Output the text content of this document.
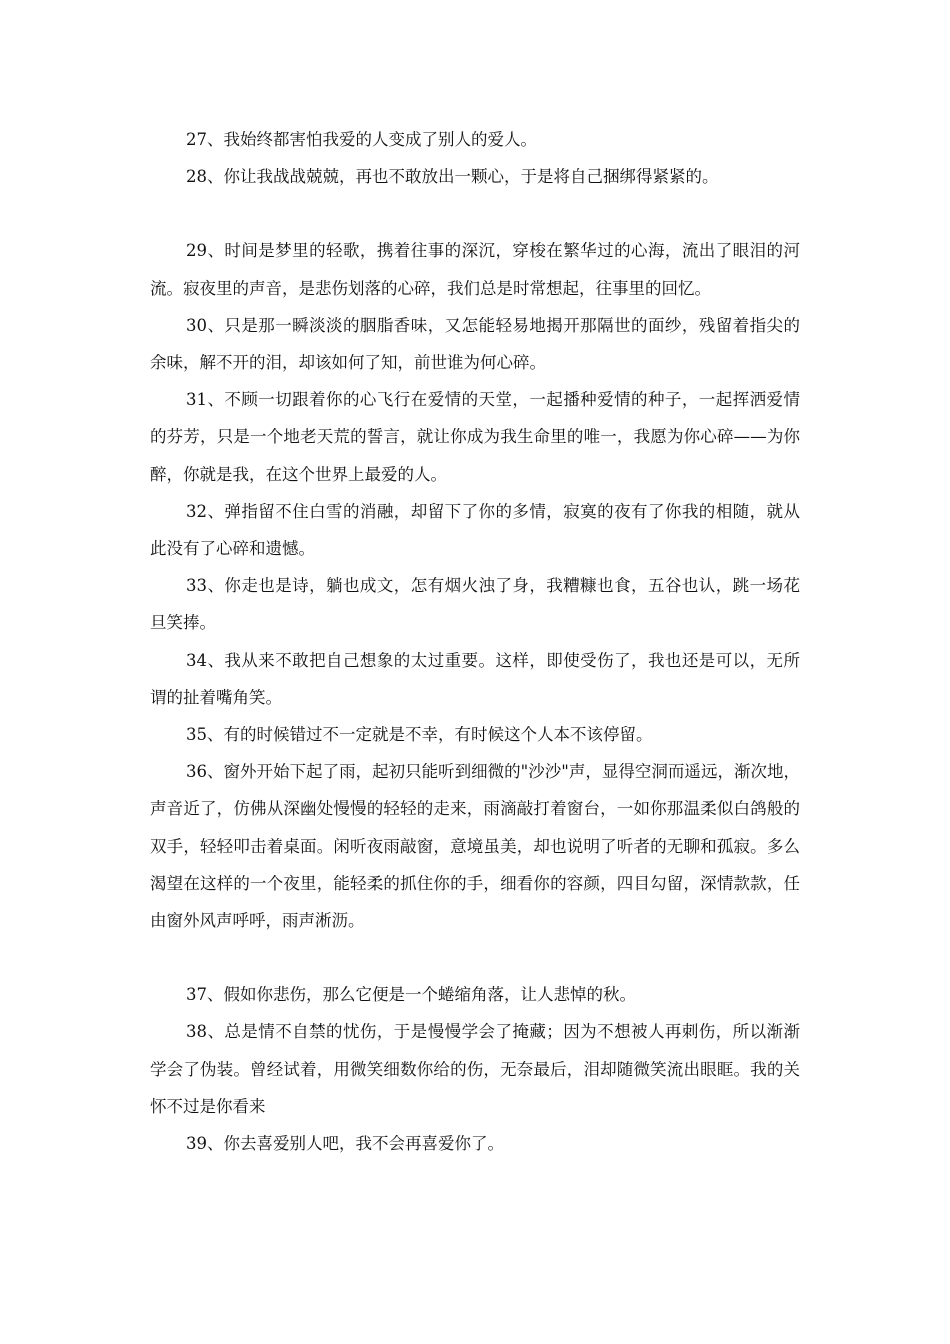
27、我始终都害怕我爱的人变成了别人的爱人。

28、你让我战战兢兢，再也不敢放出一颗心，于是将自己捆绑得紧紧的。

29、时间是梦里的轻歌，携着往事的深沉，穿梭在繁华过的心海，流出了眼泪的河流。寂夜里的声音，是悲伤划落的心碎，我们总是时常想起，往事里的回忆。

30、只是那一瞬淡淡的胭脂香味，又怎能轻易地揭开那隔世的面纱，残留着指尖的余味，解不开的泪，却该如何了知，前世谁为何心碎。

31、不顾一切跟着你的心飞行在爱情的天堂，一起播种爱情的种子，一起挥洒爱情的芬芳，只是一个地老天荒的誓言，就让你成为我生命里的唯一，我愿为你心碎——为你醉，你就是我，在这个世界上最爱的人。

32、弹指留不住白雪的消融，却留下了你的多情，寂寞的夜有了你我的相随，就从此没有了心碎和遗憾。

33、你走也是诗，躺也成文，怎有烟火浊了身，我糟糠也食，五谷也认，跳一场花旦笑捧。

34、我从来不敢把自己想象的太过重要。这样，即使受伤了，我也还是可以，无所谓的扯着嘴角笑。

35、有的时候错过不一定就是不幸，有时候这个人本不该停留。

36、窗外开始下起了雨，起初只能听到细微的"沙沙"声，显得空洞而遥远，渐次地，声音近了，仿佛从深幽处慢慢的轻轻的走来，雨滴敲打着窗台，一如你那温柔似白鸽般的双手，轻轻叩击着桌面。闲听夜雨敲窗，意境虽美，却也说明了听者的无聊和孤寂。多么渴望在这样的一个夜里，能轻柔的抓住你的手，细看你的容颜，四目勾留，深情款款，任由窗外风声呼呼，雨声淅沥。

37、假如你悲伤，那么它便是一个蜷缩角落，让人悲悼的秋。

38、总是情不自禁的忧伤，于是慢慢学会了掩藏；因为不想被人再刺伤，所以渐渐学会了伪装。曾经试着，用微笑细数你给的伤，无奈最后，泪却随微笑流出眼眶。我的关怀不过是你看来

39、你去喜爱别人吧，我不会再喜爱你了。
